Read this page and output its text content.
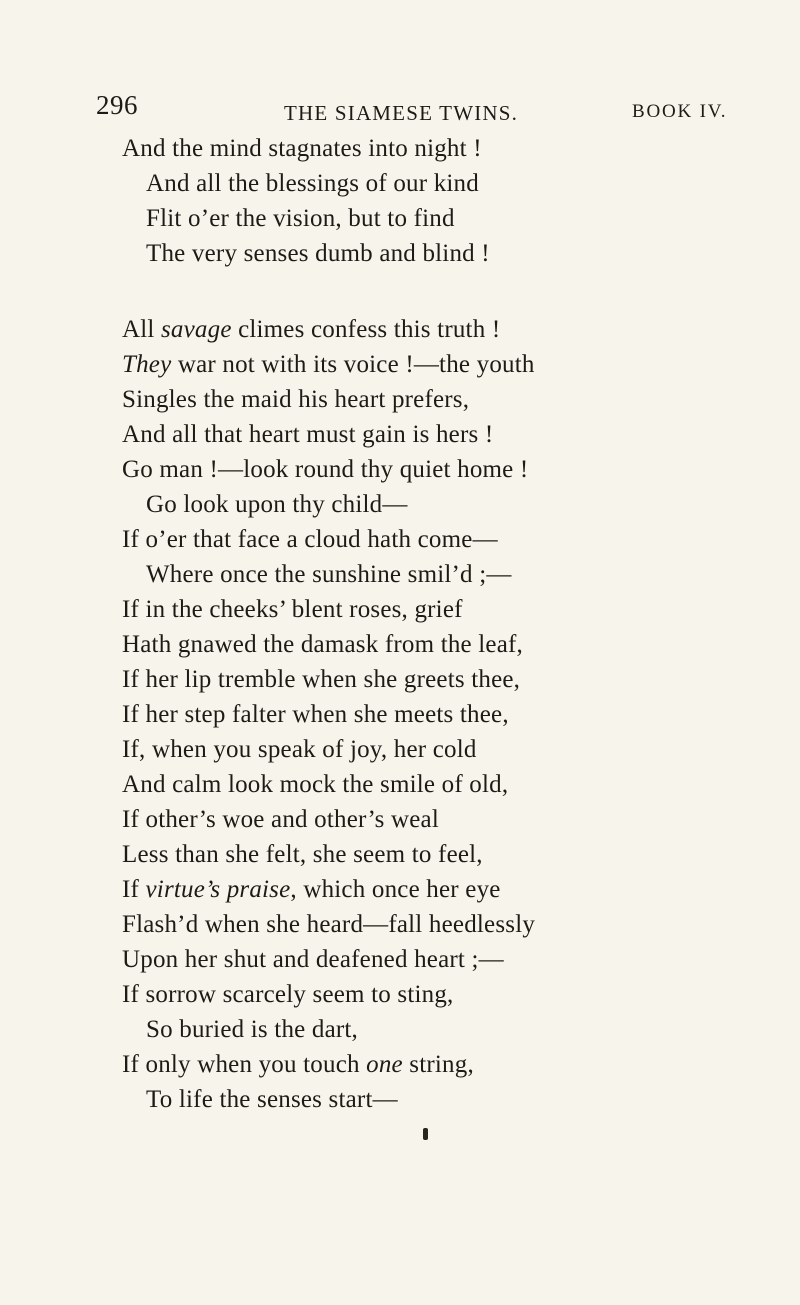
296	THE SIAMESE TWINS.	BOOK IV.
And the mind stagnates into night !
And all the blessings of our kind
Flit o’er the vision, but to find
The very senses dumb and blind !
All savage climes confess this truth !
They war not with its voice !—the youth
Singles the maid his heart prefers,
And all that heart must gain is hers !
Go man !—look round thy quiet home !
Go look upon thy child—
If o’er that face a cloud hath come—
Where once the sunshine smil’d ;—
If in the cheeks’ blent roses, grief
Hath gnawed the damask from the leaf,
If her lip tremble when she greets thee,
If her step falter when she meets thee,
If, when you speak of joy, her cold
And calm look mock the smile of old,
If other’s woe and other’s weal
Less than she felt, she seem to feel,
If virtue’s praise, which once her eye
Flash’d when she heard—fall heedlessly
Upon her shut and deafened heart ;—
If sorrow scarcely seem to sting,
So buried is the dart,
If only when you touch one string,
To life the senses start—
